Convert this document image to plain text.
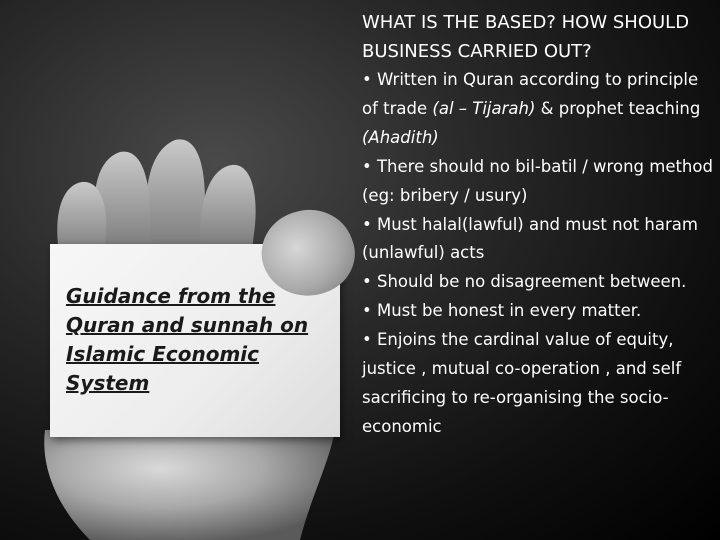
Guidance from the Quran and sunnah on Islamic Economic System

WHAT IS THE BASED? HOW SHOULD BUSINESS CARRIED OUT?
• Written in Quran according to principle of trade (al – Tijarah) & prophet teaching (Ahadith)
• There should no bil-batil / wrong method (eg: bribery / usury)
• Must halal(lawful) and must not haram (unlawful) acts
• Should be no disagreement between.
• Must be honest in every matter.
• Enjoins the cardinal value of equity, justice , mutual co-operation , and self sacrificing to re-organising the socio-economic
